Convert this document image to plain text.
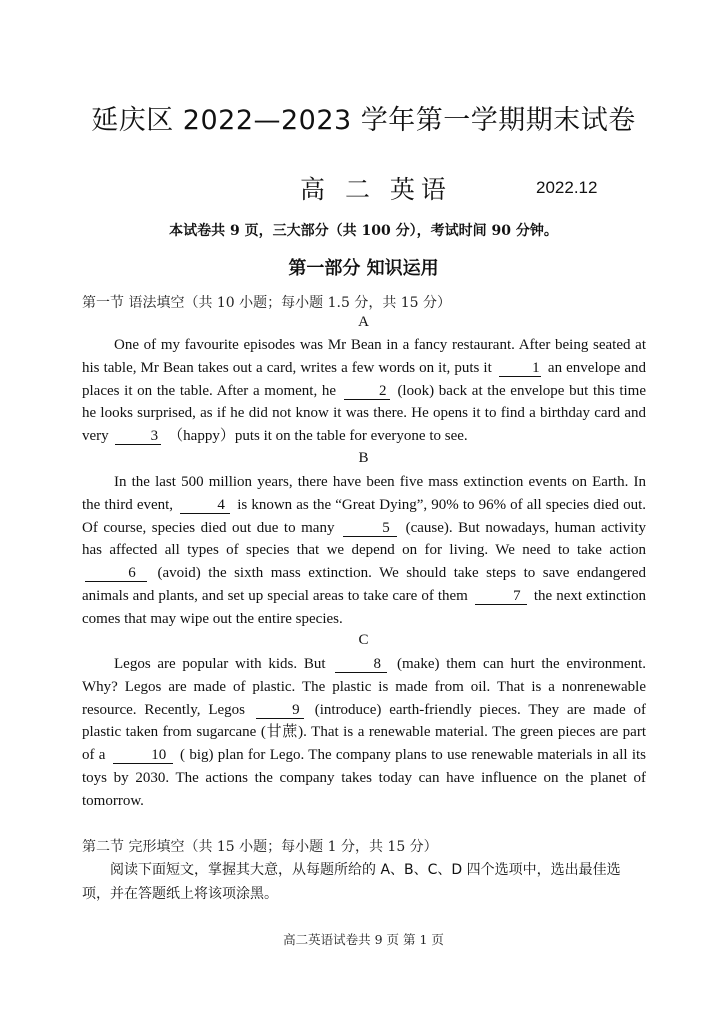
延庆区 2022—2023 学年第一学期期末试卷
高 二 英语	2022.12
本试卷共 9 页，三大部分（共 100 分），考试时间 90 分钟。
第一部分 知识运用
第一节 语法填空（共 10 小题；每小题 1.5 分，共 15 分）
A

One of my favourite episodes was Mr Bean in a fancy restaurant. After being seated at his table, Mr Bean takes out a card, writes a few words on it, puts it	1 an envelope and places it on the table. After a moment, he	2 (look) back at the envelope but this time he looks surprised, as if he did not know it was there. He opens it to find a birthday card and very	3 （happy）puts it on the table for everyone to see.

B

In the last 500 million years, there have been five mass extinction events on Earth. In the third event,	4 is known as the “Great Dying”, 90% to 96% of all species died out. Of course, species died out due to many	5 (cause). But nowadays, human activity has affected all types of species that we depend on for living. We need to take action 6 (avoid) the sixth mass extinction. We should take steps to save endangered animals and plants, and set up special areas to take care of them	7 the next extinction comes that may wipe out the entire species.

C

Legos are popular with kids. But	8 (make) them can hurt the environment. Why? Legos are made of plastic. The plastic is made from oil. That is a nonrenewable resource. Recently, Legos	9 (introduce) earth-friendly pieces. They are made of plastic taken from sugarcane (甘蔗). That is a renewable material. The green pieces are part of a	10 ( big) plan for Lego. The company plans to use renewable materials in all its toys by 2030. The actions the company takes today can have influence on the planet of tomorrow.

第二节 完形填空（共 15 小题；每小题 1 分，共 15 分）

阅读下面短文，掌握其大意，从每题所给的 A、B、C、D 四个选项中，选出最佳选项，并在答题纸上将该项涂黑。

高二英语试卷共 9 页 第 1 页
